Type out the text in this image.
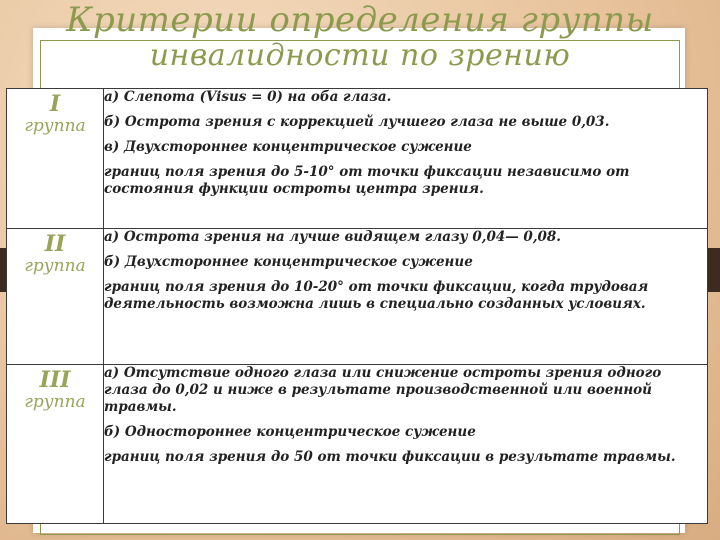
Критерии определения группы
инвалидности по зрению
I
группа	а) Слепота (Visus = 0) на оба глаза.
б) Острота зрения с коррекцией лучшего глаза не выше 0,03.
в) Двухстороннее концентрическое сужение
границ поля зрения до 5-10° от точки фиксации независимо от состояния функции остроты центра зрения.

II
группа	а) Острота зрения на лучше видящем глазу 0,04— 0,08.
б) Двухстороннее концентрическое сужение
границ поля зрения до 10-20° от точки фиксации, когда трудовая деятельность возможна лишь в специально созданных условиях.

III
группа	а) Отсутствие одного глаза или снижение остроты зрения одного глаза до 0,02 и ниже в результате производственной или военной травмы.
б) Одностороннее концентрическое сужение
границ поля зрения до 50 от точки фиксации в результате травмы.
